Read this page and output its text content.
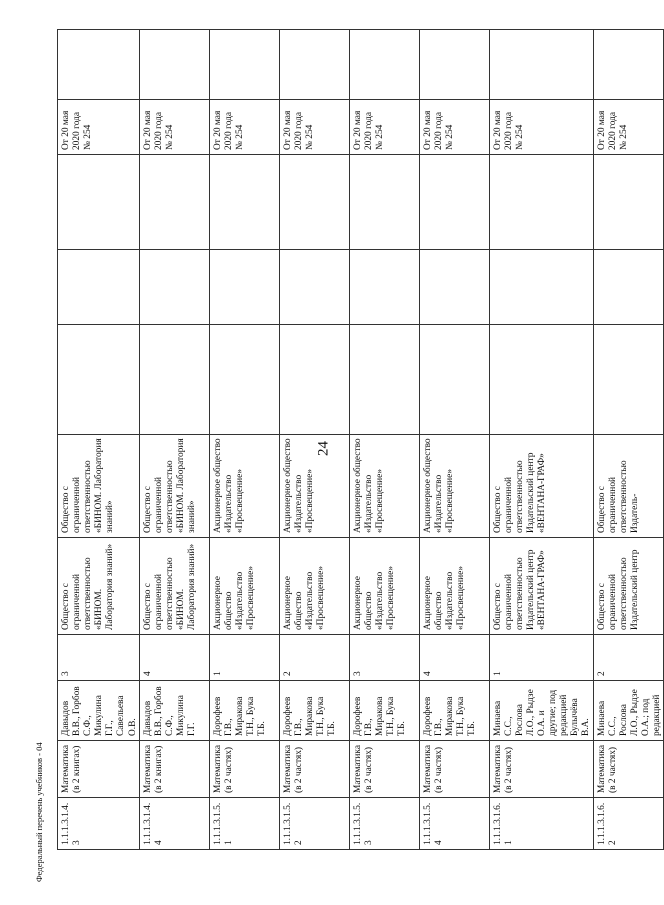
24
1.1.1.3.1.4.3	Математика (в 2 книгах)	Давыдов В.В., Горбов С.Ф., Микулина Г.Г., Савельева О.В.	3	Общество с ограниченной ответственностью «БИНОМ. Лаборатория знаний»	Общество с ограниченной ответственностью «БИНОМ. Лаборатория знаний»				От 20 мая 2020 года № 254	
1.1.1.3.1.4.4	Математика (в 2 книгах)	Давыдов В.В., Горбов С.Ф., Микулина Г.Г.	4	Общество с ограниченной ответственностью «БИНОМ. Лаборатория знаний»	Общество с ограниченной ответственностью «БИНОМ. Лаборатория знаний»				От 20 мая 2020 года № 254	
1.1.1.3.1.5.1	Математика (в 2 частях)	Дорофеев Г.В., Миракова Т.Н., Бука Т.Б.	1	Акционерное общество «Издательство «Просвещение»	Акционерное общество «Издательство «Просвещение»				От 20 мая 2020 года № 254	
1.1.1.3.1.5.2	Математика (в 2 частях)	Дорофеев Г.В., Миракова Т.Н., Бука Т.Б.	2	Акционерное общество «Издательство «Просвещение»	Акционерное общество «Издательство «Просвещение»				От 20 мая 2020 года № 254	
1.1.1.3.1.5.3	Математика (в 2 частях)	Дорофеев Г.В., Миракова Т.Н., Бука Т.Б.	3	Акционерное общество «Издательство «Просвещение»	Акционерное общество «Издательство «Просвещение»				От 20 мая 2020 года № 254	
1.1.1.3.1.5.4	Математика (в 2 частях)	Дорофеев Г.В., Миракова Т.Н., Бука Т.Б.	4	Акционерное общество «Издательство «Просвещение»	Акционерное общество «Издательство «Просвещение»				От 20 мая 2020 года № 254	
1.1.1.3.1.6.1	Математика (в 2 частях)	Минаева С.С., Рослова Л.О., Рыдзе О.А. и другие; под редакцией Булычёва В.А.	1	Общество с ограниченной ответственностью Издательский центр «ВЕНТАНА-ГРАФ»	Общество с ограниченной ответственностью Издательский центр «ВЕНТАНА-ГРАФ»				От 20 мая 2020 года № 254	
1.1.1.3.1.6.2	Математика (в 2 частях)	Минаева С.С., Рослова Л.О., Рыдзе О.А.; под редакцией	2	Общество с ограниченной ответственностью Издательский центр	Общество с ограниченной ответственностью Издатель-				От 20 мая 2020 года № 254	
Федеральный перечень учебников - 04
